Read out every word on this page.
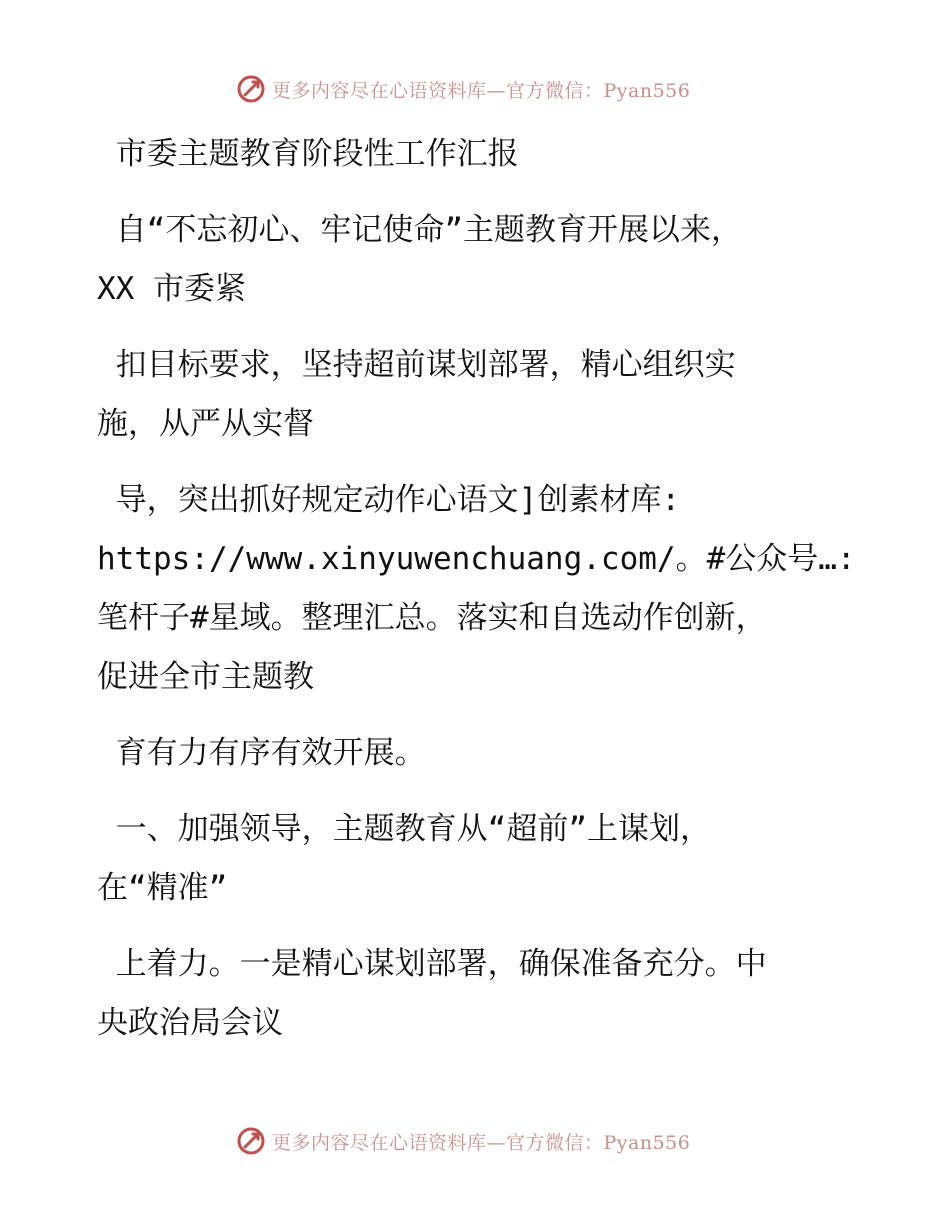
更多内容尽在心语资料库—官方微信：Pyan556
市委主题教育阶段性工作汇报
自“不忘初心、牢记使命”主题教育开展以来，
XX 市委紧
扣目标要求，坚持超前谋划部署，精心组织实
施，从严从实督
导，突出抓好规定动作心语文]创素材库:
https://www.xinyuwenchuang.com/。#公众号…:
笔杆子#星域。整理汇总。落实和自选动作创新，
促进全市主题教
育有力有序有效开展。
一、加强领导，主题教育从“超前”上谋划，
在“精准”
上着力。一是精心谋划部署，确保准备充分。中
央政治局会议
更多内容尽在心语资料库—官方微信：Pyan556
